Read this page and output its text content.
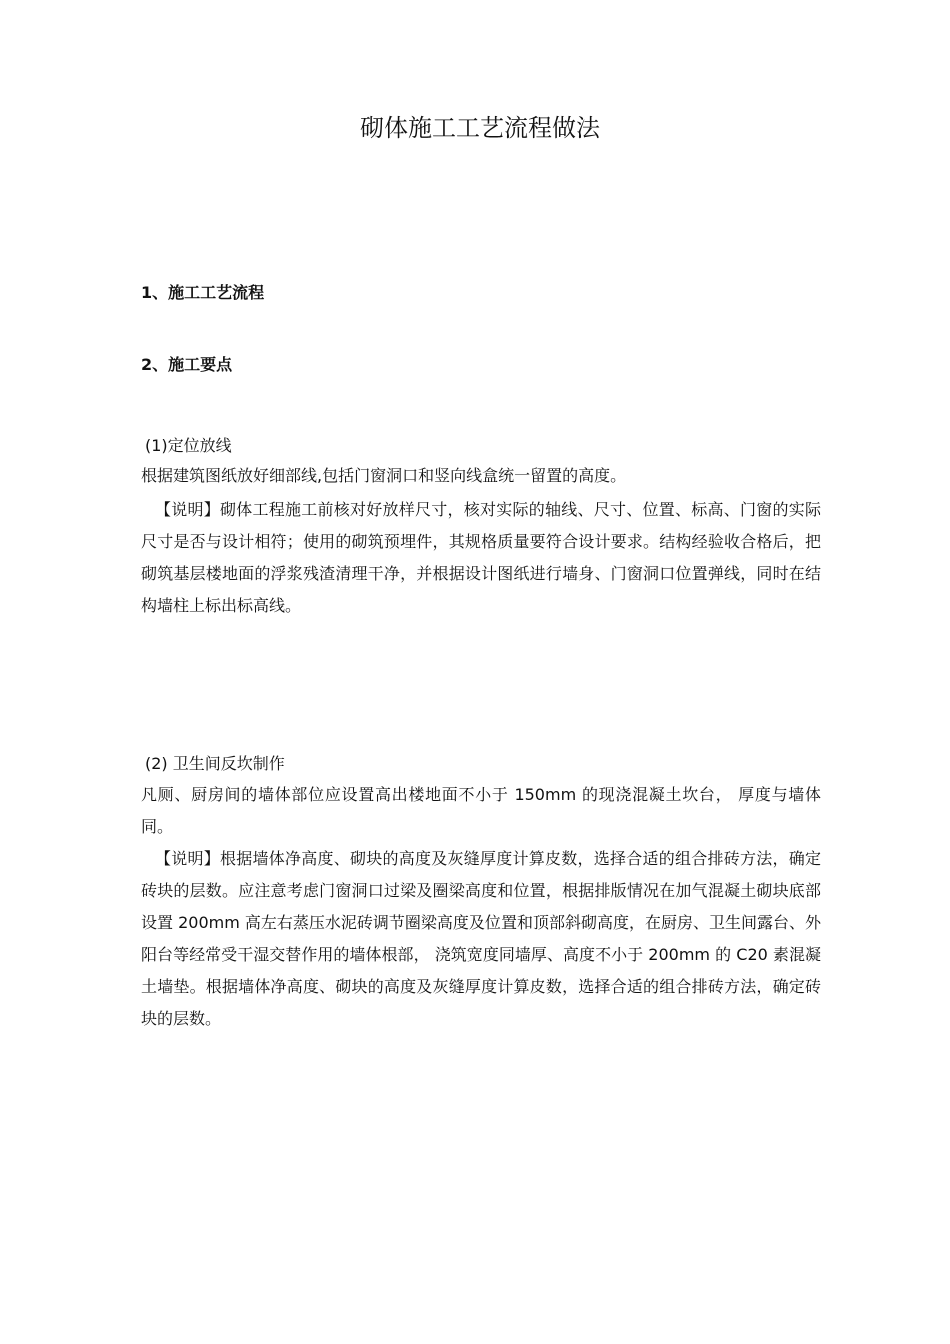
砌体施工工艺流程做法
1、施工工艺流程
2、施工要点
(1)定位放线
根据建筑图纸放好细部线,包括门窗洞口和竖向线盒统一留置的高度。
【说明】砌体工程施工前核对好放样尺寸，核对实际的轴线、尺寸、位置、标高、门窗的实际尺寸是否与设计相符；使用的砌筑预埋件，其规格质量要符合设计要求。结构经验收合格后，把砌筑基层楼地面的浮浆残渣清理干净，并根据设计图纸进行墙身、门窗洞口位置弹线，同时在结构墙柱上标出标高线。
(2) 卫生间反坎制作
凡厕、厨房间的墙体部位应设置高出楼地面不小于 150mm 的现浇混凝土坎台， 厚度与墙体同。
【说明】根据墙体净高度、砌块的高度及灰缝厚度计算皮数，选择合适的组合排砖方法，确定砖块的层数。应注意考虑门窗洞口过梁及圈梁高度和位置，根据排版情况在加气混凝土砌块底部设置 200mm 高左右蒸压水泥砖调节圈梁高度及位置和顶部斜砌高度，在厨房、卫生间露台、外阳台等经常受干湿交替作用的墙体根部， 浇筑宽度同墙厚、高度不小于 200mm 的 C20 素混凝土墙垫。根据墙体净高度、砌块的高度及灰缝厚度计算皮数，选择合适的组合排砖方法，确定砖块的层数。
